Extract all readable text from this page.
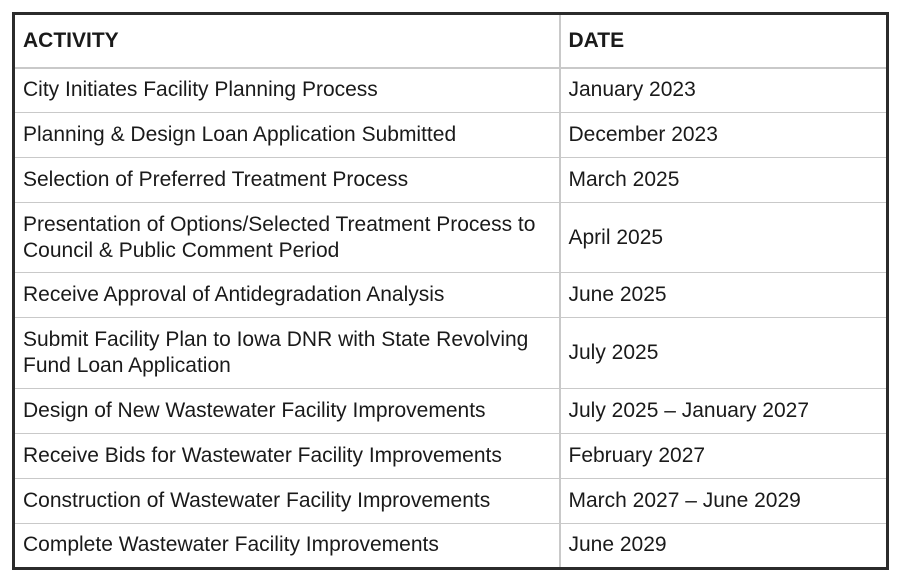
ACTIVITY	DATE
City Initiates Facility Planning Process	January 2023
Planning & Design Loan Application Submitted	December 2023
Selection of Preferred Treatment Process	March 2025
Presentation of Options/Selected Treatment Process to Council & Public Comment Period	April 2025
Receive Approval of Antidegradation Analysis	June 2025
Submit Facility Plan to Iowa DNR with State Revolving Fund Loan Application	July 2025
Design of New Wastewater Facility Improvements	July 2025 – January 2027
Receive Bids for Wastewater Facility Improvements	February 2027
Construction of Wastewater Facility Improvements	March 2027 – June 2029
Complete Wastewater Facility Improvements	June 2029
